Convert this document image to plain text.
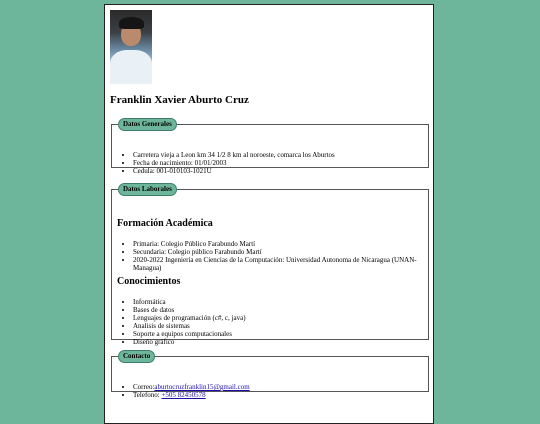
Franklin Xavier Aburto Cruz
Datos Generales
• Carretera vieja a Leon km 34 1/2 8 km al noroeste, comarca los Aburtos
• Fecha de nacimiento: 01/01/2003
• Cedula: 001-010103-1021U
Datos Laborales
Formación Académica
• Primaria: Colegio Público Farabundo Martí
• Secundaria: Colegio público Farabundo Martí
• 2020-2022 Ingeniería en Ciencias de la Computación: Universidad Autonoma de Nicaragua (UNAN-Managua)
Conocimientos
• Informática
• Bases de datos
• Lenguajes de programación (c#, c, java)
• Analisis de sistemas
• Soporte a equipos computacionales
• Diseño gráfico
Contacto
• Correo:aburtocruzfranklin15@gmail.com
• Telefono: +505 82450578
